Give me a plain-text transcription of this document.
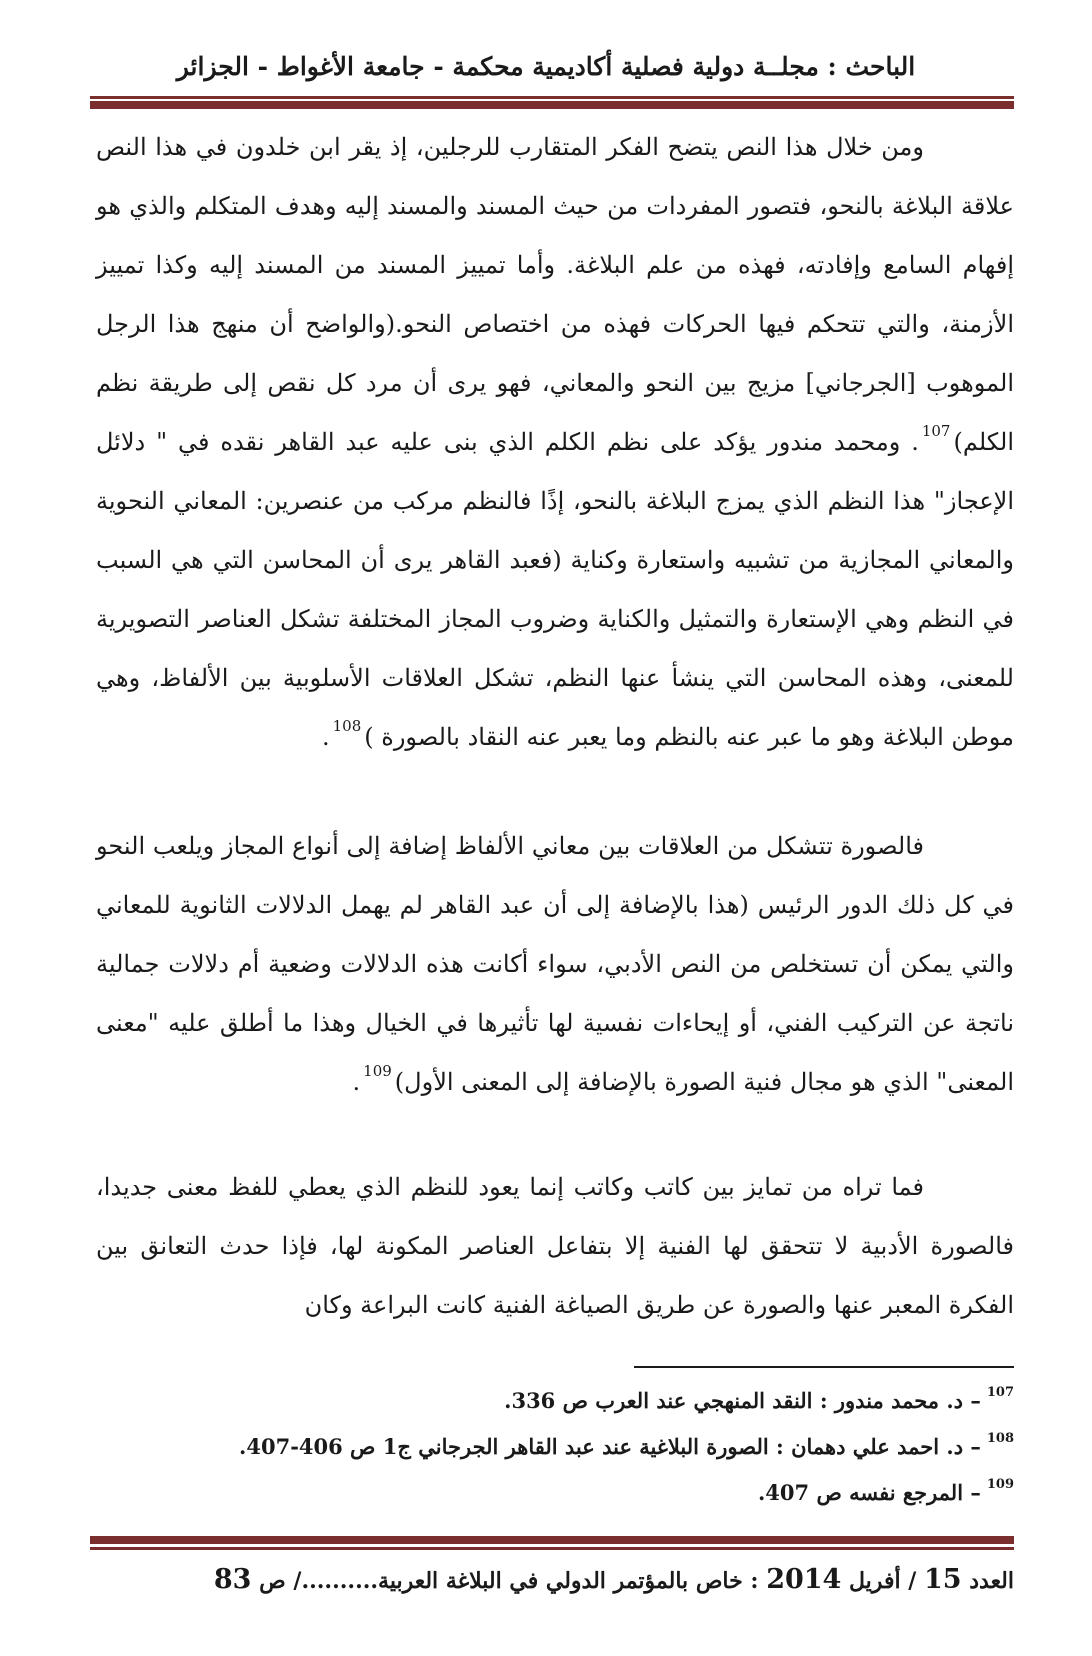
الباحث : مجلــة دولية فصلية أكاديمية محكمة - جامعة الأغواط - الجزائر

ومن خلال هذا النص يتضح الفكر المتقارب للرجلين، إذ يقر ابن خلدون في هذا النص علاقة البلاغة بالنحو، فتصور المفردات من حيث المسند والمسند إليه وهدف المتكلم والذي هو إفهام السامع وإفادته، فهذه من علم البلاغة. وأما تمييز المسند من المسند إليه وكذا تمييز الأزمنة، والتي تتحكم فيها الحركات فهذه من اختصاص النحو.(والواضح أن منهج هذا الرجل الموهوب [الجرجاني] مزيج بين النحو والمعاني، فهو يرى أن مرد كل نقص إلى طريقة نظم الكلم)$^{107}$. ومحمد مندور يؤكد على نظم الكلم الذي بنى عليه عبد القاهر نقده في " دلائل الإعجاز" هذا النظم الذي يمزج البلاغة بالنحو، إذًا فالنظم مركب من عنصرين: المعاني النحوية والمعاني المجازية من تشبيه واستعارة وكناية (فعبد القاهر يرى أن المحاسن التي هي السبب في النظم وهي الإستعارة والتمثيل والكناية وضروب المجاز المختلفة تشكل العناصر التصويرية للمعنى، وهذه المحاسن التي ينشأ عنها النظم، تشكل العلاقات الأسلوبية بين الألفاظ، وهي موطن البلاغة وهو ما عبر عنه بالنظم وما يعبر عنه النقاد بالصورة )$^{108}$.

فالصورة تتشكل من العلاقات بين معاني الألفاظ إضافة إلى أنواع المجاز ويلعب النحو في كل ذلك الدور الرئيس (هذا بالإضافة إلى أن عبد القاهر لم يهمل الدلالات الثانوية للمعاني والتي يمكن أن تستخلص من النص الأدبي، سواء أكانت هذه الدلالات وضعية أم دلالات جمالية ناتجة عن التركيب الفني، أو إيحاءات نفسية لها تأثيرها في الخيال وهذا ما أطلق عليه "معنى المعنى" الذي هو مجال فنية الصورة بالإضافة إلى المعنى الأول)$^{109}$.

فما تراه من تمايز بين كاتب وكاتب إنما يعود للنظم الذي يعطي للفظ معنى جديدا، فالصورة الأدبية لا تتحقق لها الفنية إلا بتفاعل العناصر المكونة لها، فإذا حدث التعانق بين الفكرة المعبر عنها والصورة عن طريق الصياغة الفنية كانت البراعة وكان

$^{107}$– د. محمد مندور : النقد المنهجي عند العرب ص 336.

$^{108}$– د. احمد علي دهمان : الصورة البلاغية عند عبد القاهر الجرجاني ج1 ص 406-407.

$^{109}$– المرجع نفسه ص 407.

العدد 15 / أفريل 2014 : خاص بالمؤتمر الدولي في البلاغة العربية........../ ص 83
